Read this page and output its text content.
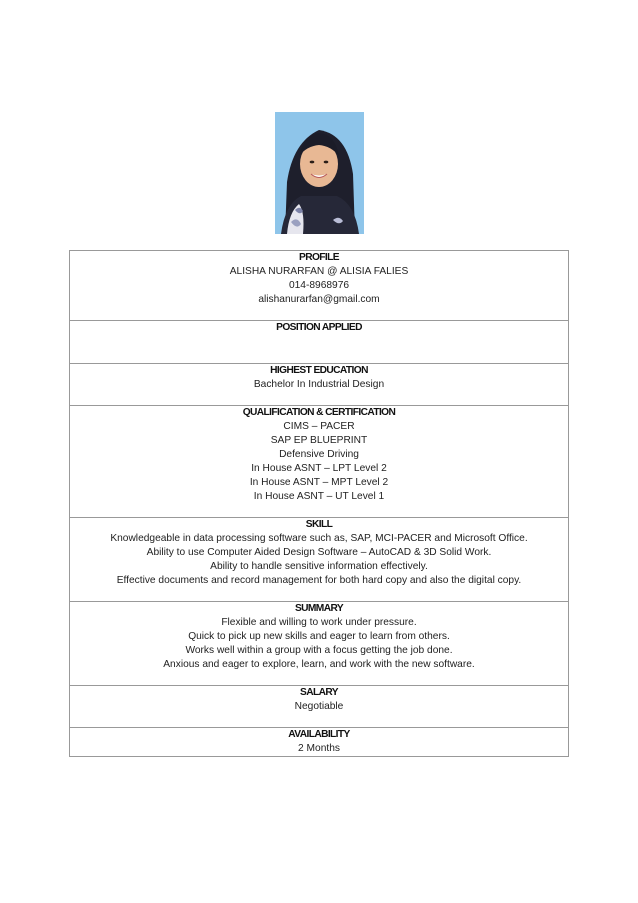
PROFILE
ALISHA NURARFAN @ ALISIA FALIES
014-8968976
alishanurarfan@gmail.com

POSITION APPLIED

HIGHEST EDUCATION
Bachelor In Industrial Design

QUALIFICATION & CERTIFICATION
CIMS – PACER
SAP EP BLUEPRINT
Defensive Driving
In House ASNT – LPT Level 2
In House ASNT – MPT Level 2
In House ASNT – UT Level 1

SKILL
Knowledgeable in data processing software such as, SAP, MCI-PACER and Microsoft Office.
Ability to use Computer Aided Design Software – AutoCAD & 3D Solid Work.
Ability to handle sensitive information effectively.
Effective documents and record management for both hard copy and also the digital copy.

SUMMARY
Flexible and willing to work under pressure.
Quick to pick up new skills and eager to learn from others.
Works well within a group with a focus getting the job done.
Anxious and eager to explore, learn, and work with the new software.

SALARY
Negotiable

AVAILABILITY
2 Months
